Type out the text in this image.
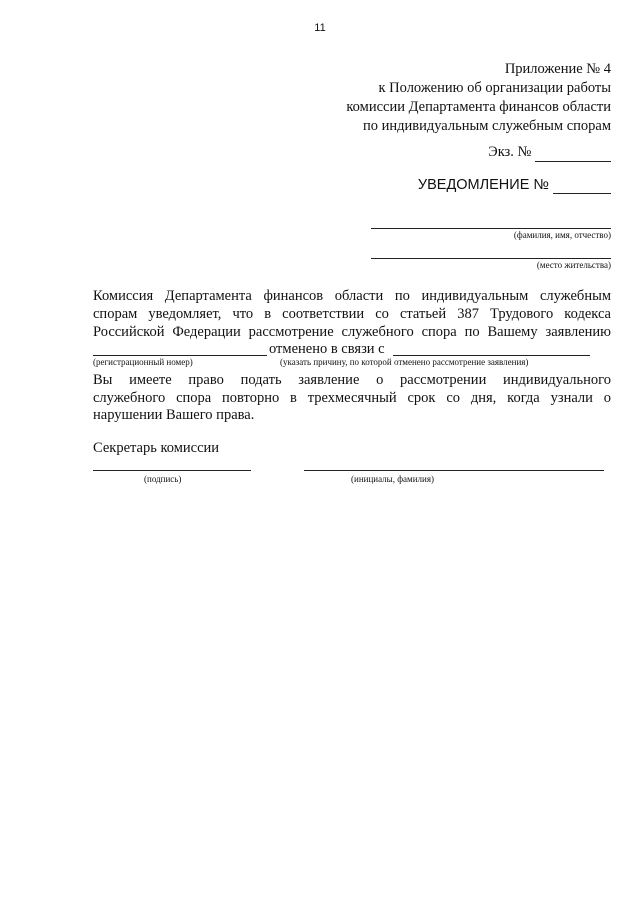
11
Приложение № 4
к Положению об организации работы
комиссии Департамента финансов области
по индивидуальным служебным спорам
Экз. №
УВЕДОМЛЕНИЕ №
(фамилия, имя, отчество)
(место жительства)
Комиссия Департамента финансов области по индивидуальным служебным
спорам уведомляет, что в соответствии со статьей 387 Трудового кодекса
Российской Федерации рассмотрение служебного спора по Вашему заявлению
отменено в связи с
(регистрационный номер)	(указать причину, по которой отменено рассмотрение заявления)
Вы имеете право подать заявление о рассмотрении индивидуального
служебного спора повторно в трехмесячный срок со дня, когда узнали о
нарушении Вашего права.
Секретарь комиссии
(подпись)	(инициалы, фамилия)
